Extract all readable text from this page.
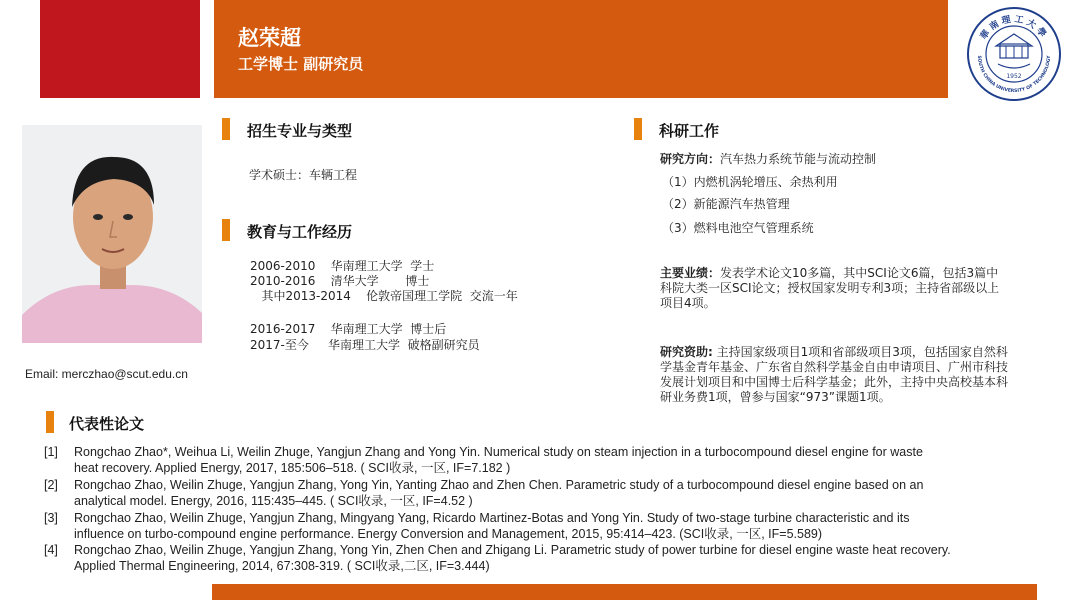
赵荣超
工学博士 副研究员
華南理工大學
SOUTH CHINA UNIVERSITY OF TECHNOLOGY
1952
Email: merczhao@scut.edu.cn
招生专业与类型
学术硕士：车辆工程
教育与工作经历
2006-2010    华南理工大学  学士
2010-2016    清华大学       博士
其中2013-2014    伦敦帝国理工学院  交流一年
2016-2017    华南理工大学  博士后
2017-至今     华南理工大学  破格副研究员
科研工作
研究方向：汽车热力系统节能与流动控制
（1）内燃机涡轮增压、余热利用
（2）新能源汽车热管理
（3）燃料电池空气管理系统
主要业绩：发表学术论文10多篇，其中SCI论文6篇，包括3篇中科院大类一区SCI论文；授权国家发明专利3项；主持省部级以上项目4项。
研究资助: 主持国家级项目1项和省部级项目3项，包括国家自然科学基金青年基金、广东省自然科学基金自由申请项目、广州市科技发展计划项目和中国博士后科学基金；此外，主持中央高校基本科研业务费1项，曾参与国家“973”课题1项。
代表性论文
[1] Rongchao Zhao*, Weihua Li, Weilin Zhuge, Yangjun Zhang and Yong Yin. Numerical study on steam injection in a turbocompound diesel engine for waste
heat recovery. Applied Energy, 2017, 185:506–518. ( SCI收录, 一区, IF=7.182 )
[2] Rongchao Zhao, Weilin Zhuge, Yangjun Zhang, Yong Yin, Yanting Zhao and Zhen Chen. Parametric study of a turbocompound diesel engine based on an
analytical model. Energy, 2016, 115:435–445. ( SCI收录, 一区, IF=4.52 )
[3] Rongchao Zhao, Weilin Zhuge, Yangjun Zhang, Mingyang Yang, Ricardo Martinez-Botas and Yong Yin. Study of two-stage turbine characteristic and its
influence on turbo-compound engine performance. Energy Conversion and Management, 2015, 95:414–423. (SCI收录, 一区, IF=5.589)
[4] Rongchao Zhao, Weilin Zhuge, Yangjun Zhang, Yong Yin, Zhen Chen and Zhigang Li. Parametric study of power turbine for diesel engine waste heat recovery.
Applied Thermal Engineering, 2014, 67:308-319. ( SCI收录,二区, IF=3.444)
